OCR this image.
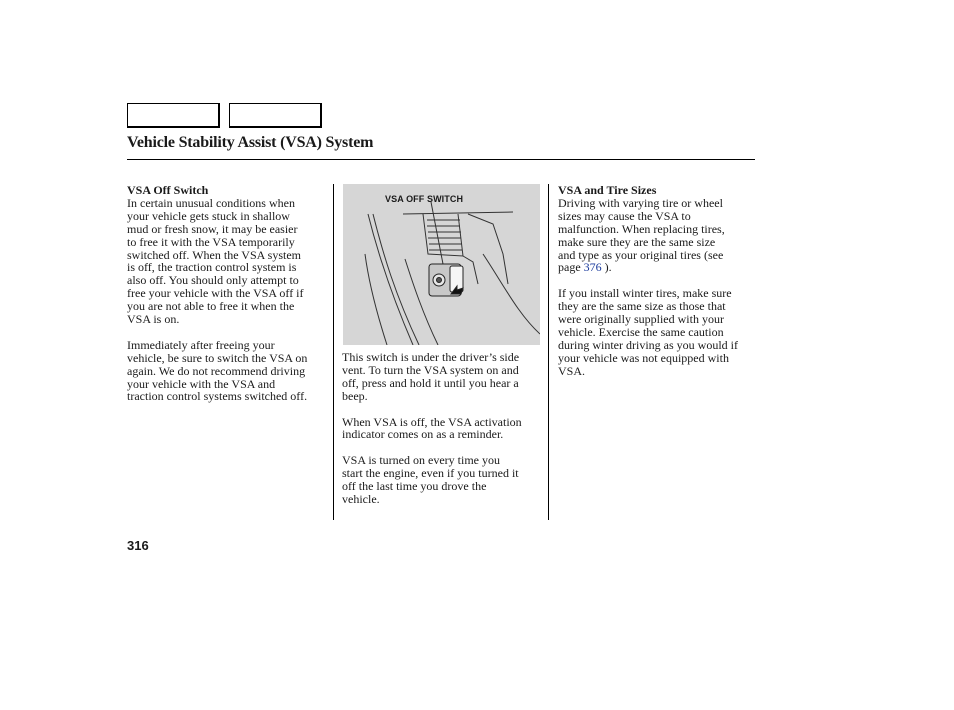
Vehicle Stability Assist (VSA) System

VSA Off Switch

In certain unusual conditions when

your vehicle gets stuck in shallow

mud or fresh snow, it may be easier

to free it with the VSA temporarily

switched off. When the VSA system

is off, the traction control system is

also off. You should only attempt to

free your vehicle with the VSA off if

you are not able to free it when the

VSA is on.

Immediately after freeing your

vehicle, be sure to switch the VSA on

again. We do not recommend driving

your vehicle with the VSA and

traction control systems switched off.

VSA OFF SWITCH

This switch is under the driver’s side

vent. To turn the VSA system on and

off, press and hold it until you hear a

beep.

When VSA is off, the VSA activation

indicator comes on as a reminder.

VSA is turned on every time you

start the engine, even if you turned it

off the last time you drove the

vehicle.

VSA and Tire Sizes

Driving with varying tire or wheel

sizes may cause the VSA to

malfunction. When replacing tires,

make sure they are the same size

and type as your original tires (see

page 376 ).

If you install winter tires, make sure

they are the same size as those that

were originally supplied with your

vehicle. Exercise the same caution

during winter driving as you would if

your vehicle was not equipped with

VSA.

316
